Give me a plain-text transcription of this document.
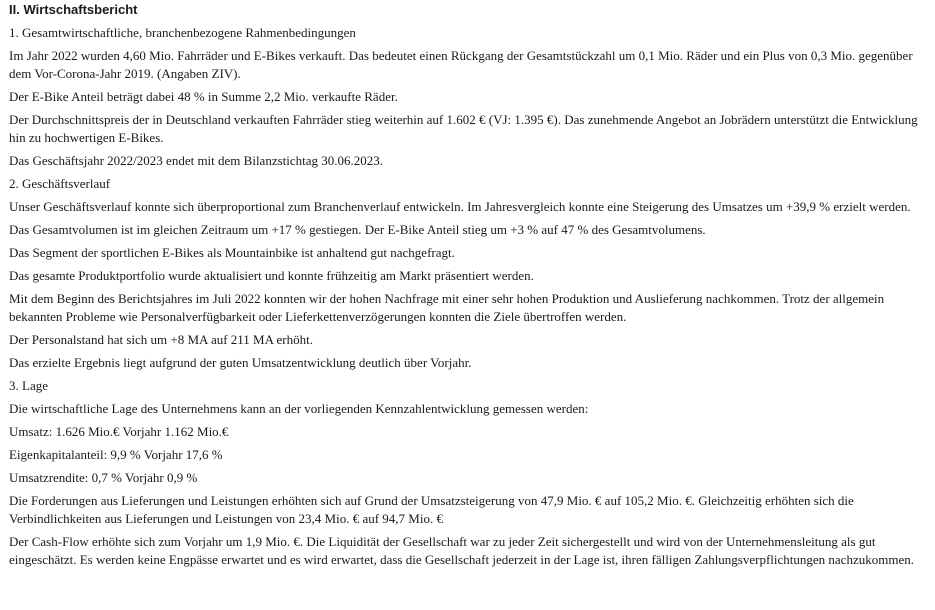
II. Wirtschaftsbericht
1. Gesamtwirtschaftliche, branchenbezogene Rahmenbedingungen
Im Jahr 2022 wurden 4,60 Mio. Fahrräder und E-Bikes verkauft. Das bedeutet einen Rückgang der Gesamtstückzahl um 0,1 Mio. Räder und ein Plus von 0,3 Mio. gegenüber dem Vor-Corona-Jahr 2019. (Angaben ZIV).
Der E-Bike Anteil beträgt dabei 48 % in Summe 2,2 Mio. verkaufte Räder.
Der Durchschnittspreis der in Deutschland verkauften Fahrräder stieg weiterhin auf 1.602 € (VJ: 1.395 €). Das zunehmende Angebot an Jobrädern unterstützt die Entwicklung hin zu hochwertigen E-Bikes.
Das Geschäftsjahr 2022/2023 endet mit dem Bilanzstichtag 30.06.2023.
2. Geschäftsverlauf
Unser Geschäftsverlauf konnte sich überproportional zum Branchenverlauf entwickeln. Im Jahresvergleich konnte eine Steigerung des Umsatzes um +39,9 % erzielt werden.
Das Gesamtvolumen ist im gleichen Zeitraum um +17 % gestiegen. Der E-Bike Anteil stieg um +3 % auf 47 % des Gesamtvolumens.
Das Segment der sportlichen E-Bikes als Mountainbike ist anhaltend gut nachgefragt.
Das gesamte Produktportfolio wurde aktualisiert und konnte frühzeitig am Markt präsentiert werden.
Mit dem Beginn des Berichtsjahres im Juli 2022 konnten wir der hohen Nachfrage mit einer sehr hohen Produktion und Auslieferung nachkommen. Trotz der allgemein bekannten Probleme wie Personalverfügbarkeit oder Lieferkettenverzögerungen konnten die Ziele übertroffen werden.
Der Personalstand hat sich um +8 MA auf 211 MA erhöht.
Das erzielte Ergebnis liegt aufgrund der guten Umsatzentwicklung deutlich über Vorjahr.
3. Lage
Die wirtschaftliche Lage des Unternehmens kann an der vorliegenden Kennzahlentwicklung gemessen werden:
Umsatz: 1.626 Mio.€ Vorjahr 1.162 Mio.€
Eigenkapitalanteil: 9,9 % Vorjahr 17,6 %
Umsatzrendite: 0,7 % Vorjahr 0,9 %
Die Forderungen aus Lieferungen und Leistungen erhöhten sich auf Grund der Umsatzsteigerung von 47,9 Mio. € auf 105,2 Mio. €. Gleichzeitig erhöhten sich die Verbindlichkeiten aus Lieferungen und Leistungen von 23,4 Mio. € auf 94,7 Mio. €
Der Cash-Flow erhöhte sich zum Vorjahr um 1,9 Mio. €. Die Liquidität der Gesellschaft war zu jeder Zeit sichergestellt und wird von der Unternehmensleitung als gut eingeschätzt. Es werden keine Engpässe erwartet und es wird erwartet, dass die Gesellschaft jederzeit in der Lage ist, ihren fälligen Zahlungsverpflichtungen nachzukommen.
